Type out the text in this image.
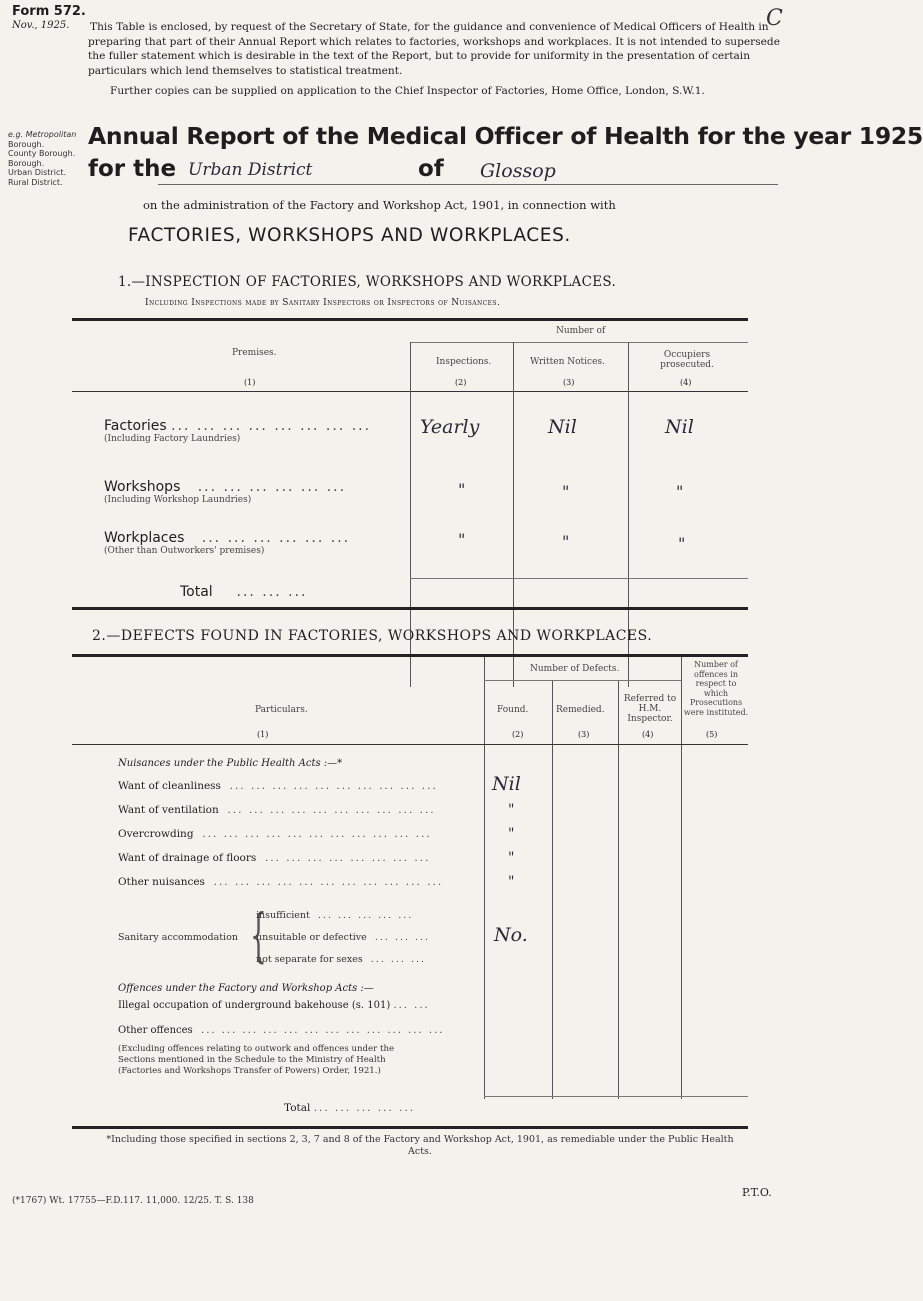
Form 572.
Nov., 1925.	C
This Table is enclosed, by request of the Secretary of State, for the guidance and convenience of Medical Officers of Health in preparing that part of their Annual Report which relates to factories, workshops and workplaces. It is not intended to supersede the fuller statement which is desirable in the text of the Report, but to provide for uniformity in the presentation of certain particulars which lend themselves to statistical treatment.
Further copies can be supplied on application to the Chief Inspector of Factories, Home Office, London, S.W.1.
e.g. Metropolitan
Borough.
County Borough.
Borough.
Urban District.
Rural District.
Annual Report of the Medical Officer of Health for the year 1925
for the Urban District	of Glossop
on the administration of the Factory and Workshop Act, 1901, in connection with
FACTORIES, WORKSHOPS AND WORKPLACES.
1.—INSPECTION OF FACTORIES, WORKSHOPS AND WORKPLACES.
Including Inspections made by Sanitary Inspectors or Inspectors of Nuisances.
Number of
Premises.
Inspections.	Written Notices.
Occupiers prosecuted.
(1)	(2)	(3)	(4)
Factories ... ... ... ... ... ... ... ...
(Including Factory Laundries)
Yearly	Nil	Nil
Workshops   ... ... ... ... ... ...
(Including Workshop Laundries)
"	"	"
Workplaces   ... ... ... ... ... ...
(Other than Outworkers' premises)
"	"	"
Total    ... ... ...
2.—DEFECTS FOUND IN FACTORIES, WORKSHOPS AND WORKPLACES.
Number of Defects.
Particulars.	Found.	Remedied.
Referred to H.M. Inspector.
Number of offences in respect to which Prosecutions were instituted.
(1)	(2)	(3)	(4)	(5)
Nuisances under the Public Health Acts :—*
Want of cleanliness  ... ... ... ... ... ... ... ... ... ...	Nil
Want of ventilation  ... ... ... ... ... ... ... ... ... ...	"
Overcrowding  ... ... ... ... ... ... ... ... ... ... ...	"
Want of drainage of floors  ... ... ... ... ... ... ... ...	"
Other nuisances  ... ... ... ... ... ... ... ... ... ... ...	"
Sanitary accommodation {
insufficient  ... ... ... ... ...
unsuitable or defective  ... ... ...
not separate for sexes  ... ... ...
No.
Offences under the Factory and Workshop Acts :—
Illegal occupation of underground bakehouse (s. 101) ... ...
Other offences  ... ... ... ... ... ... ... ... ... ... ... ...
(Excluding offences relating to outwork and offences under the Sections mentioned in the Schedule to the Ministry of Health (Factories and Workshops Transfer of Powers) Order, 1921.)
Total ... ... ... ... ...
*Including those specified in sections 2, 3, 7 and 8 of the Factory and Workshop Act, 1901, as remediable under the Public Health Acts.
P.T.O.
(*1767) Wt. 17755—F.D.117. 11,000. 12/25. T. S. 138
